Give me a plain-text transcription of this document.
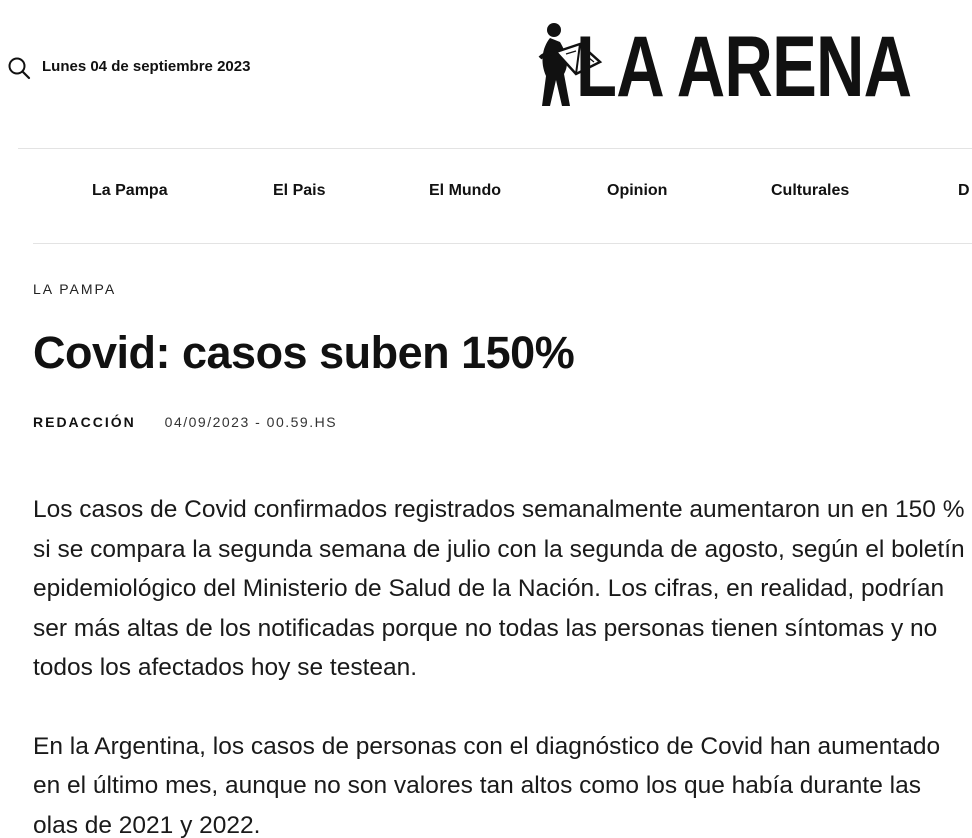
Lunes 04 de septiembre 2023	LA ARENA
La Pampa	El Pais	El Mundo	Opinion	Culturales	D
LA PAMPA
Covid: casos suben 150%
REDACCIÓN 04/09/2023 - 00.59.HS

Los casos de Covid confirmados registrados semanalmente aumentaron un en 150 % si se compara la segunda semana de julio con la segunda de agosto, según el boletín epidemiológico del Ministerio de Salud de la Nación. Los cifras, en realidad, podrían ser más altas de los notificadas porque no todas las personas tienen síntomas y no todos los afectados hoy se testean.

En la Argentina, los casos de personas con el diagnóstico de Covid han aumentado en el último mes, aunque no son valores tan altos como los que había durante las olas de 2021 y 2022.
